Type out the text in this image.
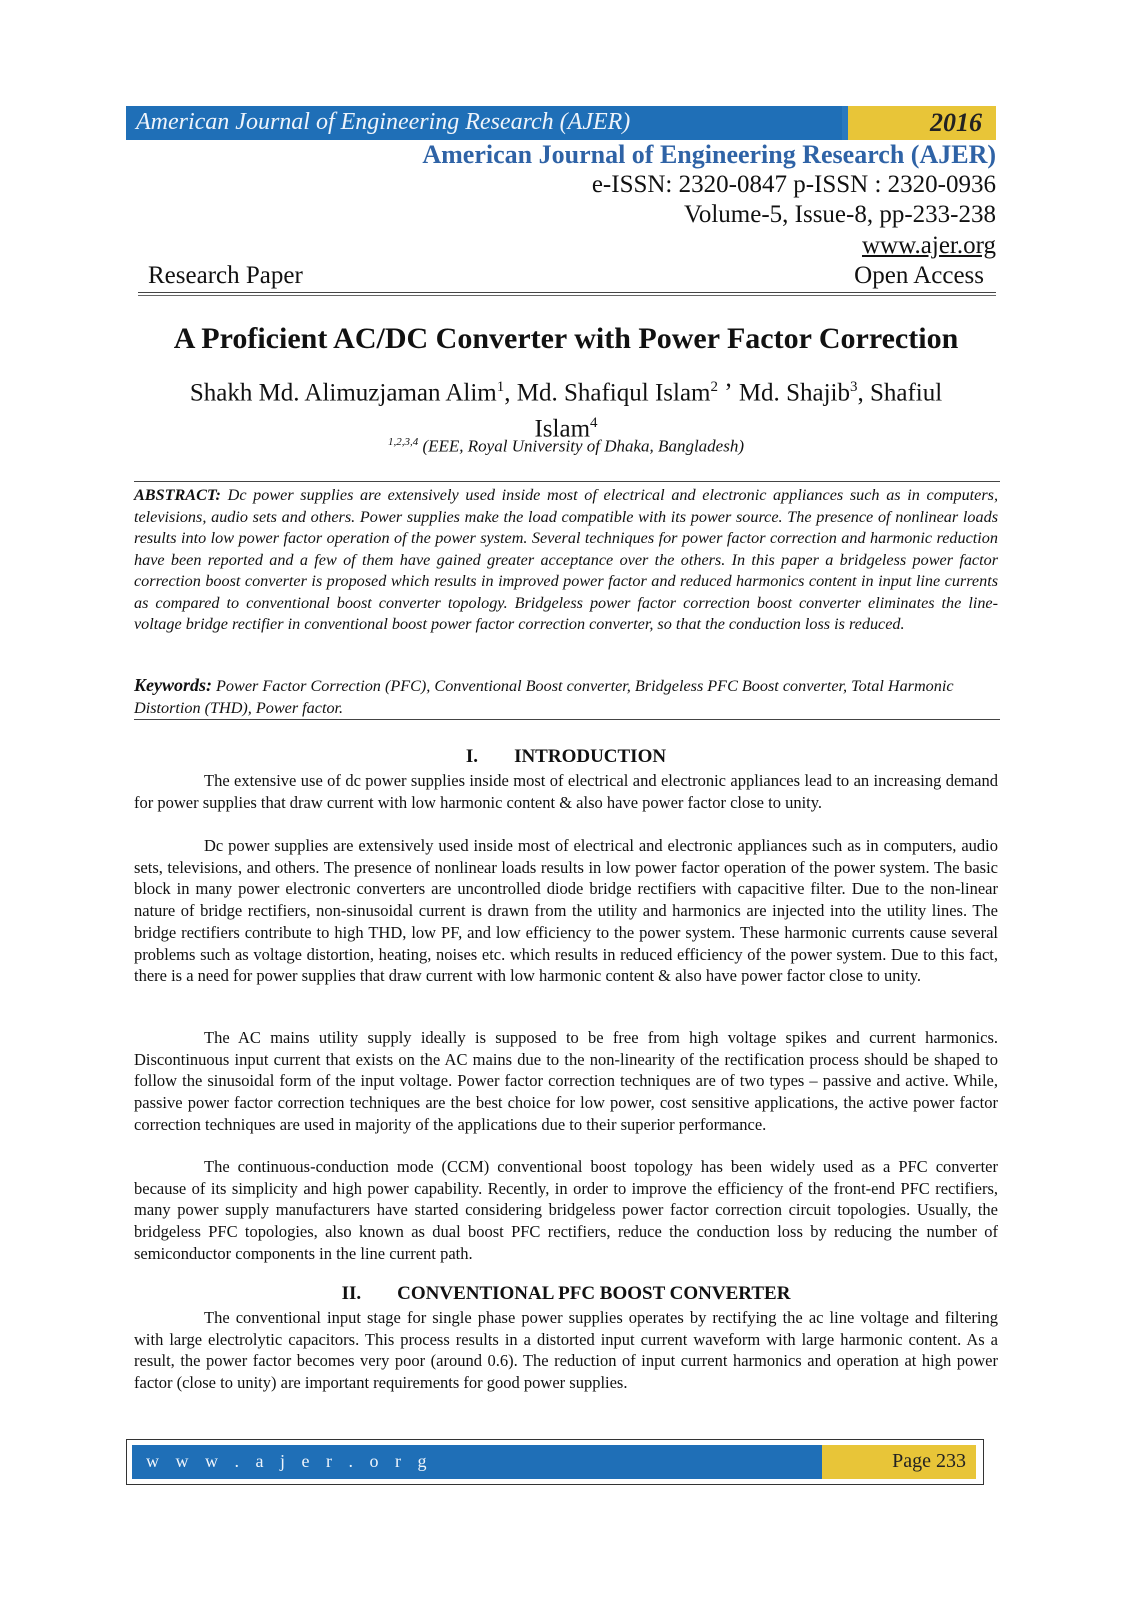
American Journal of Engineering Research (AJER)	2016
American Journal of Engineering Research (AJER)
e-ISSN: 2320-0847 p-ISSN : 2320-0936
Volume-5, Issue-8, pp-233-238
www.ajer.org
Research Paper	Open Access
A Proficient AC/DC Converter with Power Factor Correction
Shakh Md. Alimuzjaman Alim$^1$, Md. Shafiqul Islam$^2$ ʼ Md. Shajib$^3$, Shafiul
Islam$^4$
$^{1,2,3,4}$ (EEE, Royal University of Dhaka, Bangladesh)
ABSTRACT: Dc power supplies are extensively used inside most of electrical and electronic appliances such as in computers, televisions, audio sets and others. Power supplies make the load compatible with its power source. The presence of nonlinear loads results into low power factor operation of the power system. Several techniques for power factor correction and harmonic reduction have been reported and a few of them have gained greater acceptance over the others. In this paper a bridgeless power factor correction boost converter is proposed which results in improved power factor and reduced harmonics content in input line currents as compared to conventional boost converter topology. Bridgeless power factor correction boost converter eliminates the line-voltage bridge rectifier in conventional boost power factor correction converter, so that the conduction loss is reduced.
Keywords: Power Factor Correction (PFC), Conventional Boost converter, Bridgeless PFC Boost converter, Total Harmonic Distortion (THD), Power factor.
I. INTRODUCTION
The extensive use of dc power supplies inside most of electrical and electronic appliances lead to an increasing demand for power supplies that draw current with low harmonic content & also have power factor close to unity.
Dc power supplies are extensively used inside most of electrical and electronic appliances such as in computers, audio sets, televisions, and others. The presence of nonlinear loads results in low power factor operation of the power system. The basic block in many power electronic converters are uncontrolled diode bridge rectifiers with capacitive filter. Due to the non-linear nature of bridge rectifiers, non-sinusoidal current is drawn from the utility and harmonics are injected into the utility lines. The bridge rectifiers contribute to high THD, low PF, and low efficiency to the power system. These harmonic currents cause several problems such as voltage distortion, heating, noises etc. which results in reduced efficiency of the power system. Due to this fact, there is a need for power supplies that draw current with low harmonic content & also have power factor close to unity.
The AC mains utility supply ideally is supposed to be free from high voltage spikes and current harmonics. Discontinuous input current that exists on the AC mains due to the non-linearity of the rectification process should be shaped to follow the sinusoidal form of the input voltage. Power factor correction techniques are of two types – passive and active. While, passive power factor correction techniques are the best choice for low power, cost sensitive applications, the active power factor correction techniques are used in majority of the applications due to their superior performance.
The continuous-conduction mode (CCM) conventional boost topology has been widely used as a PFC converter because of its simplicity and high power capability. Recently, in order to improve the efficiency of the front-end PFC rectifiers, many power supply manufacturers have started considering bridgeless power factor correction circuit topologies. Usually, the bridgeless PFC topologies, also known as dual boost PFC rectifiers, reduce the conduction loss by reducing the number of semiconductor components in the line current path.
II. CONVENTIONAL PFC BOOST CONVERTER
The conventional input stage for single phase power supplies operates by rectifying the ac line voltage and filtering with large electrolytic capacitors. This process results in a distorted input current waveform with large harmonic content. As a result, the power factor becomes very poor (around 0.6). The reduction of input current harmonics and operation at high power factor (close to unity) are important requirements for good power supplies.
w w w . a j e r . o r g	Page 233
